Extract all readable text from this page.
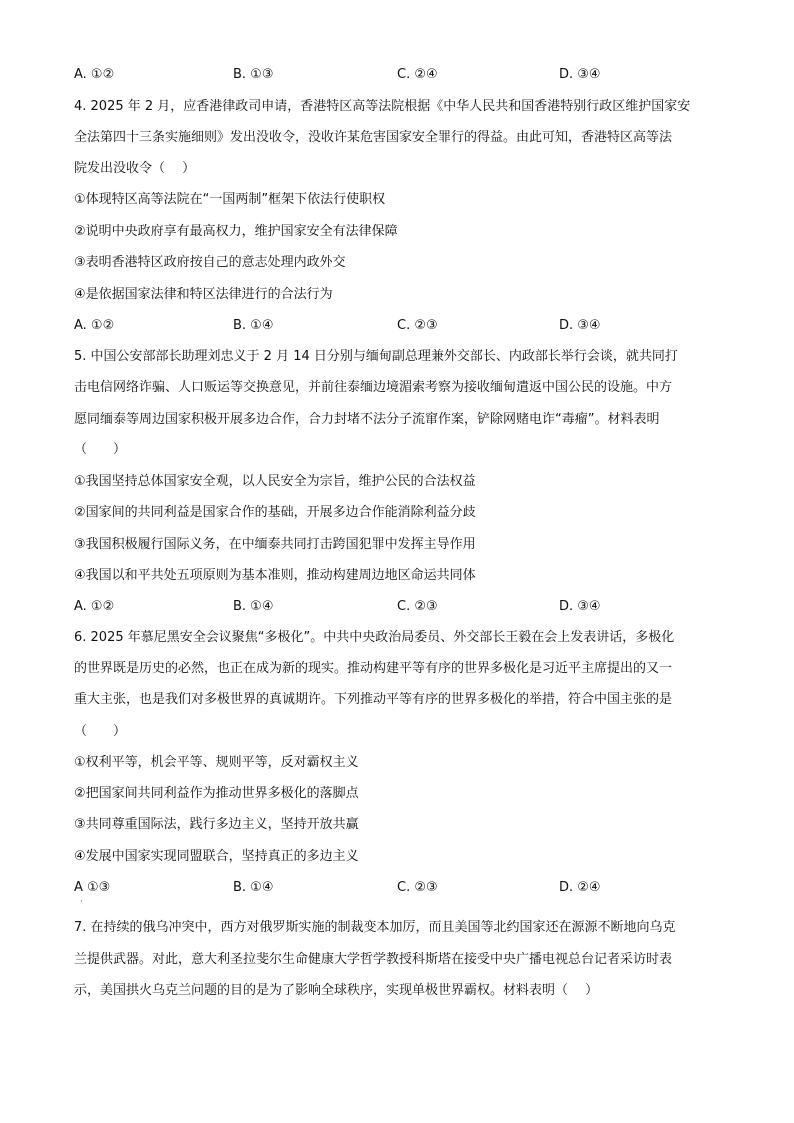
A. ①②	B. ①③	C. ②④	D. ③④
4. 2025 年 2 月，应香港律政司申请，香港特区高等法院根据《中华人民共和国香港特别行政区维护国家安
全法第四十三条实施细则》发出没收令，没收许某危害国家安全罪行的得益。由此可知，香港特区高等法
院发出没收令（　 ）
①体现特区高等法院在“一国两制”框架下依法行使职权
②说明中央政府享有最高权力，维护国家安全有法律保障
③表明香港特区政府按自己的意志处理内政外交
④是依据国家法律和特区法律进行的合法行为
A. ①②	B. ①④	C. ②③	D. ③④
5. 中国公安部部长助理刘忠义于 2 月 14 日分别与缅甸副总理兼外交部长、内政部长举行会谈，就共同打
击电信网络诈骗、人口贩运等交换意见，并前往泰缅边境湄索考察为接收缅甸遣返中国公民的设施。中方
愿同缅泰等周边国家积极开展多边合作，合力封堵不法分子流窜作案，铲除网赌电诈“毒瘤”。材料表明
（　　）
①我国坚持总体国家安全观，以人民安全为宗旨，维护公民的合法权益
②国家间的共同利益是国家合作的基础，开展多边合作能消除利益分歧
③我国积极履行国际义务，在中缅泰共同打击跨国犯罪中发挥主导作用
④我国以和平共处五项原则为基本准则，推动构建周边地区命运共同体
A. ①②	B. ①④	C. ②③	D. ③④
6. 2025 年慕尼黑安全会议聚焦“多极化”。中共中央政治局委员、外交部长王毅在会上发表讲话，多极化
的世界既是历史的必然，也正在成为新的现实。推动构建平等有序的世界多极化是习近平主席提出的又一
重大主张，也是我们对多极世界的真诚期许。下列推动平等有序的世界多极化的举措，符合中国主张的是
（　　）
①权利平等，机会平等、规则平等，反对霸权主义
②把国家间共同利益作为推动世界多极化的落脚点
③共同尊重国际法，践行多边主义，坚持开放共赢
④发展中国家实现同盟联合，坚持真正的多边主义
A ①③	B. ①④	C. ②③	D. ②④
·
7. 在持续的俄乌冲突中，西方对俄罗斯实施的制裁变本加厉，而且美国等北约国家还在源源不断地向乌克
兰提供武器。对此，意大利圣拉斐尔生命健康大学哲学教授科斯塔在接受中央广播电视总台记者采访时表
示，美国拱火乌克兰问题的目的是为了影响全球秩序，实现单极世界霸权。材料表明（　 ）
